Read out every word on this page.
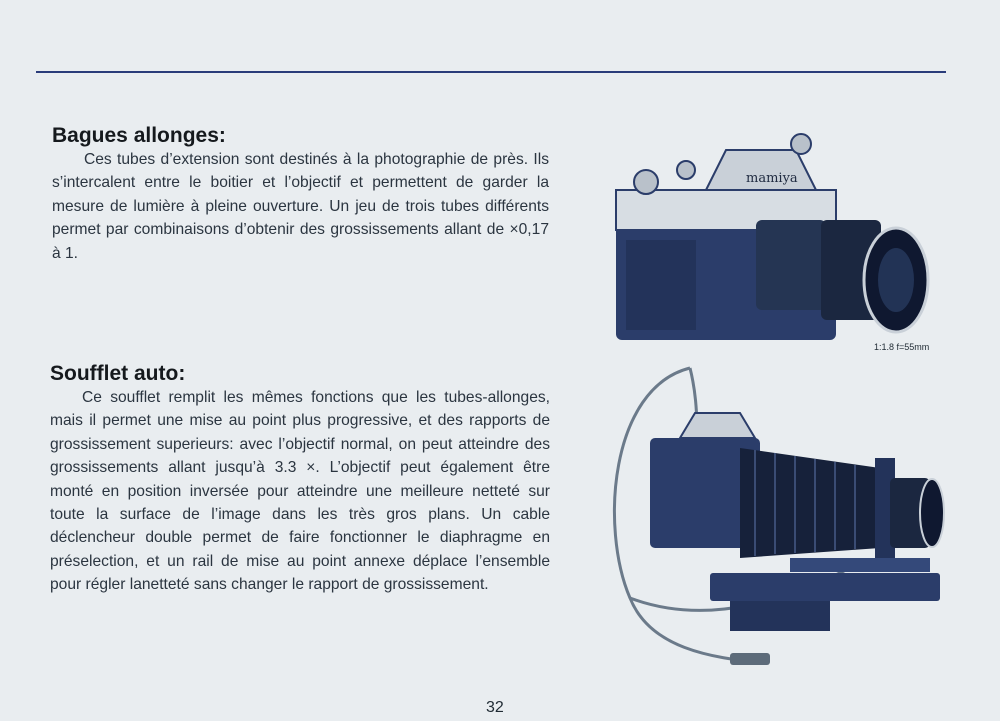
Bagues allonges:

Ces tubes d’extension sont destinés à la photographie de près. Ils s’intercalent entre le boitier et l’objectif et permettent de garder la mesure de lumière à pleine ouverture. Un jeu de trois tubes différents permet par combinaisons d’obtenir des grossissements allant de ×0,17 à 1.

Soufflet auto:

Ce soufflet remplit les mêmes fonctions que les tubes-allonges, mais il permet une mise au point plus progressive, et des rapports de grossissement superieurs: avec l’objectif normal, on peut atteindre des grossissements allant jusqu’à 3.3 ×. L’objectif peut également être monté en position inversée pour atteindre une meilleure netteté sur toute la surface de l’image dans les très gros plans. Un cable déclencheur double permet de faire fonctionner le diaphragme en préselection, et un rail de mise au point annexe déplace l’ensemble pour régler lanetteté sans changer le rapport de grossissement.

mamiya
1:1.8 f=55mm
32
